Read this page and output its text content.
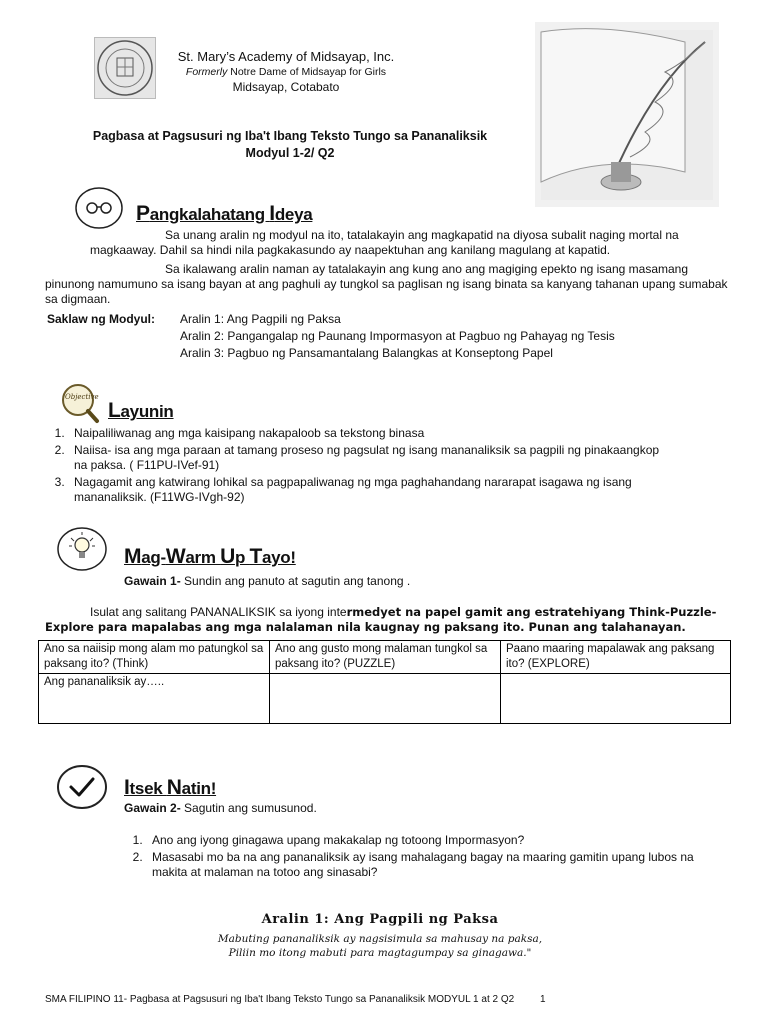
St. Mary’s Academy of Midsayap, Inc.
Formerly Notre Dame of Midsayap for Girls
Midsayap, Cotabato
Pagbasa at Pagsusuri ng Iba't Ibang Teksto Tungo sa Pananaliksik
Modyul 1-2/ Q2
Pangkalahatang Ideya
Sa unang aralin ng modyul na ito, tatalakayin ang magkapatid na diyosa subalit naging mortal na magkaaway. Dahil sa hindi nila pagkakasundo ay naapektuhan ang kanilang magulang at kapatid.
Sa ikalawang aralin naman ay tatalakayin ang kung ano ang magiging epekto ng isang masamang pinunong namumuno sa isang bayan at ang paghuli ay tungkol sa paglisan ng isang binata sa kanyang tahanan upang sumabak sa digmaan.
Saklaw ng Modyul: Aralin 1: Ang Pagpili ng Paksa
Aralin 2: Pangangalap ng Paunang Impormasyon at Pagbuo ng Pahayag ng Tesis
Aralin 3: Pagbuo ng Pansamantalang Balangkas at Konseptong Papel
Objective
Layunin
1. Naipaliliwanag ang mga kaisipang nakapaloob sa tekstong binasa
2. Naiisa- isa ang mga paraan at tamang proseso ng pagsulat ng isang mananaliksik sa pagpili ng pinakaangkop na paksa. ( F11PU-IVef-91)
3. Nagagamit ang katwirang lohikal sa pagpapaliwanag ng mga paghahandang nararapat isagawa ng isang mananaliksik. (F11WG-IVgh-92)
Mag-Warm Up Tayo!
Gawain 1- Sundin ang panuto at sagutin ang tanong .
Isulat ang salitang PANANALIKSIK sa iyong intermedyet na papel gamit ang estratehiyang Think-Puzzle- Explore para mapalabas ang mga nalalaman nila kaugnay ng paksang ito. Punan ang talahanayan.
Ano sa naiisip mong alam mo patungkol sa paksang ito? (Think)	Ano ang gusto mong malaman tungkol sa paksang ito? (PUZZLE)	Paano maaring mapalawak ang paksang ito? (EXPLORE)
Ang pananaliksik ay…..		
Itsek Natin!
Gawain 2- Sagutin ang sumusunod.
1. Ano ang iyong ginagawa upang makakalap ng totoong Impormasyon?
2. Masasabi mo ba na ang pananaliksik ay isang mahalagang bagay na maaring gamitin upang lubos na makita at malaman na totoo ang sinasabi?
Aralin 1: Ang Pagpili ng Paksa
Mabuting pananaliksik ay nagsisimula sa mahusay na paksa,
Piliin mo itong mabuti para magtagumpay sa ginagawa."
SMA FILIPINO 11- Pagbasa at Pagsusuri ng Iba't Ibang Teksto Tungo sa Pananaliksik MODYUL 1 at 2 Q2	1
